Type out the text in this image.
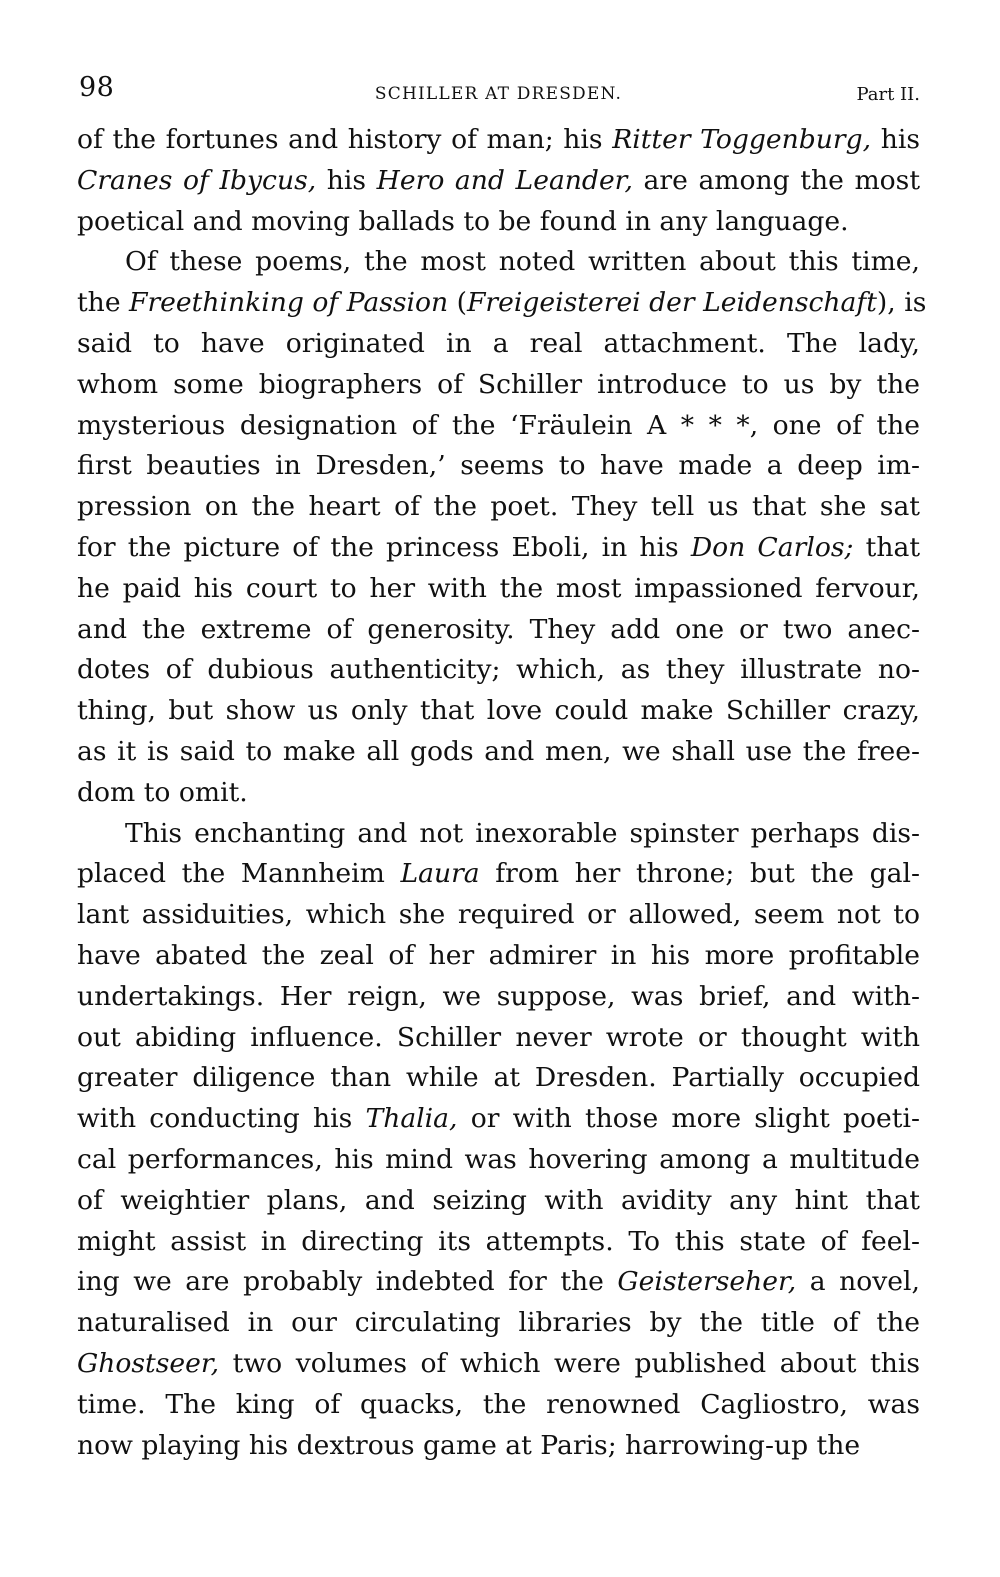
98	SCHILLER AT DRESDEN.	Part II.

of the fortunes and history of man; his Ritter Toggenburg, his
Cranes of Ibycus, his Hero and Leander, are among the most
poetical and moving ballads to be found in any language.

Of these poems, the most noted written about this time,
the Freethinking of Passion (Freigeisterei der Leidenschaft), is
said to have originated in a real attachment. The lady,
whom some biographers of Schiller introduce to us by the
mysterious designation of the ‘Fräulein A * * *, one of the
first beauties in Dresden,’ seems to have made a deep im-
pression on the heart of the poet. They tell us that she sat
for the picture of the princess Eboli, in his Don Carlos; that
he paid his court to her with the most impassioned fervour,
and the extreme of generosity. They add one or two anec-
dotes of dubious authenticity; which, as they illustrate no-
thing, but show us only that love could make Schiller crazy,
as it is said to make all gods and men, we shall use the free-
dom to omit.

This enchanting and not inexorable spinster perhaps dis-
placed the Mannheim Laura from her throne; but the gal-
lant assiduities, which she required or allowed, seem not to
have abated the zeal of her admirer in his more profitable
undertakings. Her reign, we suppose, was brief, and with-
out abiding influence. Schiller never wrote or thought with
greater diligence than while at Dresden. Partially occupied
with conducting his Thalia, or with those more slight poeti-
cal performances, his mind was hovering among a multitude
of weightier plans, and seizing with avidity any hint that
might assist in directing its attempts. To this state of feel-
ing we are probably indebted for the Geisterseher, a novel,
naturalised in our circulating libraries by the title of the
Ghostseer, two volumes of which were published about this
time. The king of quacks, the renowned Cagliostro, was
now playing his dextrous game at Paris; harrowing-up the
